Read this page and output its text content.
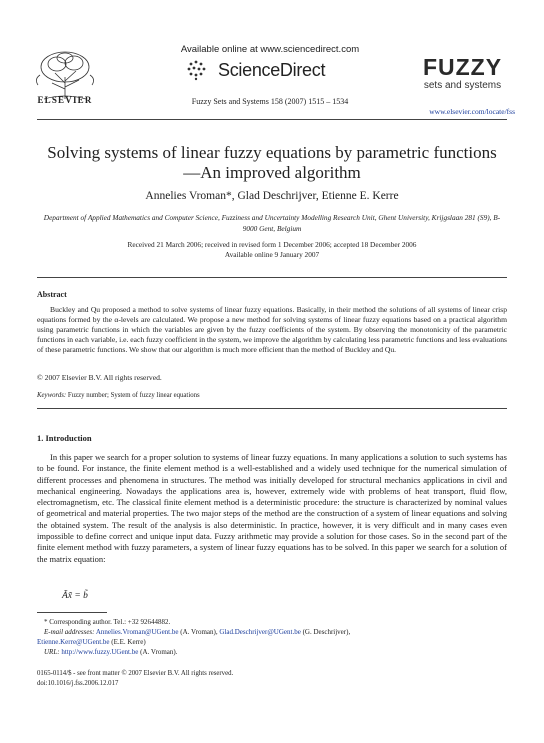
ELSEVIER
Available online at www.sciencedirect.com
ScienceDirect
Fuzzy Sets and Systems 158 (2007) 1515 – 1534
FUZZY
sets and systems
www.elsevier.com/locate/fss
Solving systems of linear fuzzy equations by parametric functions—An improved algorithm
Annelies Vroman*, Glad Deschrijver, Etienne E. Kerre
Department of Applied Mathematics and Computer Science, Fuzziness and Uncertainty Modelling Research Unit, Ghent University, Krijgslaan 281 (S9), B-9000 Gent, Belgium
Received 21 March 2006; received in revised form 1 December 2006; accepted 18 December 2006
Available online 9 January 2007
Abstract
Buckley and Qu proposed a method to solve systems of linear fuzzy equations. Basically, in their method the solutions of all systems of linear crisp equations formed by the α-levels are calculated. We propose a new method for solving systems of linear fuzzy equations based on a practical algorithm using parametric functions in which the variables are given by the fuzzy coefficients of the system. By observing the monotonicity of the parametric functions in each variable, i.e. each fuzzy coefficient in the system, we improve the algorithm by calculating less parametric functions and less evaluations of these parametric functions. We show that our algorithm is much more efficient than the method of Buckley and Qu.
© 2007 Elsevier B.V. All rights reserved.
Keywords: Fuzzy number; System of fuzzy linear equations
1. Introduction
In this paper we search for a proper solution to systems of linear fuzzy equations. In many applications a solution to such systems has to be found. For instance, the finite element method is a well-established and a widely used technique for the numerical simulation of different processes and phenomena in structures. The method was initially developed for structural mechanics applications in civil and mechanical engineering. Nowadays the applications area is, however, extremely wide with problems of heat transport, fluid flow, electromagnetism, etc. The classical finite element method is a deterministic procedure: the structure is characterized by nominal values of geometrical and material properties. The two major steps of the method are the construction of a system of linear equations and solving the obtained system. The result of the analysis is also deterministic. In practice, however, it is very difficult and in many cases even impossible to define correct and unique input data. Fuzzy arithmetic may provide a solution for those cases. So in the second part of the finite element method with fuzzy parameters, a system of linear fuzzy equations has to be solved. In this paper we search for a solution of the matrix equation:
Ãx̃ = b̃
* Corresponding author. Tel.: +32 92644882.
E-mail addresses: Annelies.Vroman@UGent.be (A. Vroman), Glad.Deschrijver@UGent.be (G. Deschrijver),
Etienne.Kerre@UGent.be (E.E. Kerre)
URL: http://www.fuzzy.UGent.be (A. Vroman).
0165-0114/$ - see front matter © 2007 Elsevier B.V. All rights reserved.
doi:10.1016/j.fss.2006.12.017
